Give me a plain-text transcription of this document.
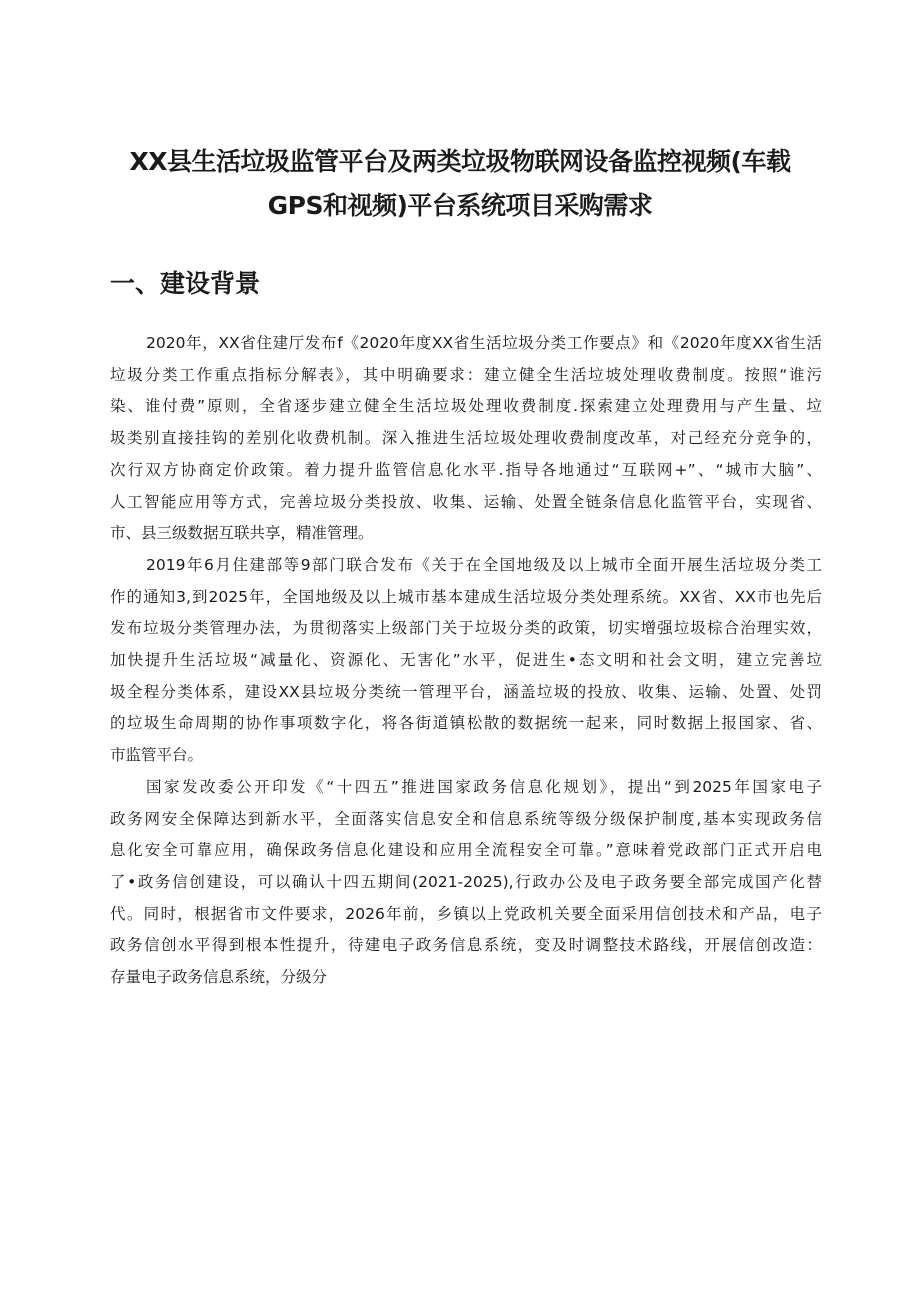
XX县生活垃圾监管平台及两类垃圾物联网设备监控视频(车载
GPS和视频)平台系统项目采购需求
一、建设背景
2020年，XX省住建厅发布f《2020年度XX省生活垃圾分类工作要点》和《2020年度XX省生活
垃圾分类工作重点指标分解表》，其中明确要求：建立健全生活垃坡处理收费制度。按照“谁污
染、谁付费”原则，全省逐步建立健全生活垃圾处理收费制度.探索建立处理费用与产生量、垃
圾类别直接挂钩的差别化收费机制。深入推进生活垃圾处理收费制度改革，对己经充分竞争的，
次行双方协商定价政策。着力提升监管信息化水平.指导各地通过“互联网+”、“城市大脑”、
人工智能应用等方式，完善垃圾分类投放、收集、运输、处置全链条信息化监管平台，实现省、
市、县三级数据互联共享，精准管理。
2019年6月住建部等9部门联合发布《关于在全国地级及以上城市全面开展生活垃圾分类工
作的通知3,到2025年，全国地级及以上城市基本建成生活垃圾分类处理系统。XX省、XX市也先后
发布垃圾分类管理办法，为贯彻落实上级部门关于垃圾分类的政策，切实增强垃圾棕合治理实效，
加快提升生活垃圾“减量化、资源化、无害化”水平，促进生•态文明和社会文明，建立完善垃
圾全程分类体系，建设XX县垃圾分类统一管理平台，涵盖垃圾的投放、收集、运输、处置、处罚
的垃圾生命周期的协作事项数字化，将各街道镇松散的数据统一起来，同时数据上报国家、省、
市监管平台。
国家发改委公开印发《“十四五”推进国家政务信息化规划》，提出“到2025年国家电子
政务网安全保障达到新水平，全面落实信息安全和信息系统等级分级保护制度,基本实现政务信
息化安全可靠应用，确保政务信息化建设和应用全流程安全可靠。”意味着党政部门正式开启电
了•政务信创建设，可以确认十四五期间(2021-2025),行政办公及电子政务要全部完成国产化替
代。同时，根据省市文件要求，2026年前，乡镇以上党政机关要全面采用信创技术和产品，电子
政务信创水平得到根本性提升，待建电子政务信息系统，变及时调整技术路线，开展信创改造：
存量电子政务信息系统，分级分
